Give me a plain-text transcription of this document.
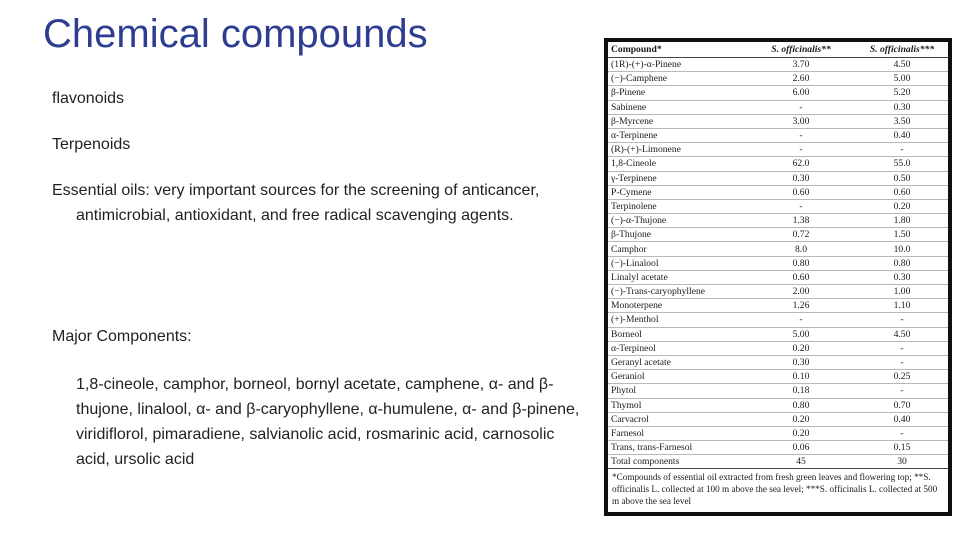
Chemical compounds

flavonoids

Terpenoids

Essential oils: very important sources for the screening of anticancer, antimicrobial, antioxidant, and free radical scavenging agents.

Major Components:

1,8-cineole, camphor, borneol, bornyl acetate, camphene, α- and β-thujone, linalool, α- and β-caryophyllene, α-humulene, α- and β-pinene, viridiflorol, pimaradiene, salvianolic acid, rosmarinic acid, carnosolic acid, ursolic acid

Compound*	S. officinalis**	S. officinalis***
(1R)-(+)-α-Pinene	3.70	4.50
(−)-Camphene	2.60	5.00
β-Pinene	6.00	5.20
Sabinene	-	0.30
β-Myrcene	3.00	3.50
α-Terpinene	-	0.40
(R)-(+)-Limonene	-	-
1,8-Cineole	62.0	55.0
γ-Terpinene	0.30	0.50
P-Cymene	0.60	0.60
Terpinolene	-	0.20
(−)-α-Thujone	1.38	1.80
β-Thujone	0.72	1.50
Camphor	8.0	10.0
(−)-Linalool	0.80	0.80
Linalyl acetate	0.60	0.30
(−)-Trans-caryophyllene	2.00	1.00
Monoterpene	1.26	1.10
(+)-Menthol	-	-
Borneol	5.00	4.50
α-Terpineol	0.20	-
Geranyl acetate	0.30	-
Geraniol	0.10	0.25
Phytol	0.18	-
Thymol	0.80	0.70
Carvacrol	0.20	0.40
Farnesol	0.20	-
Trans, trans-Farnesol	0.06	0.15
Total components	45	30
*Compounds of essential oil extracted from fresh green leaves and flowering top; **S. officinalis L. collected at 100 m above the sea level; ***S. officinalis L. collected at 500 m above the sea level
